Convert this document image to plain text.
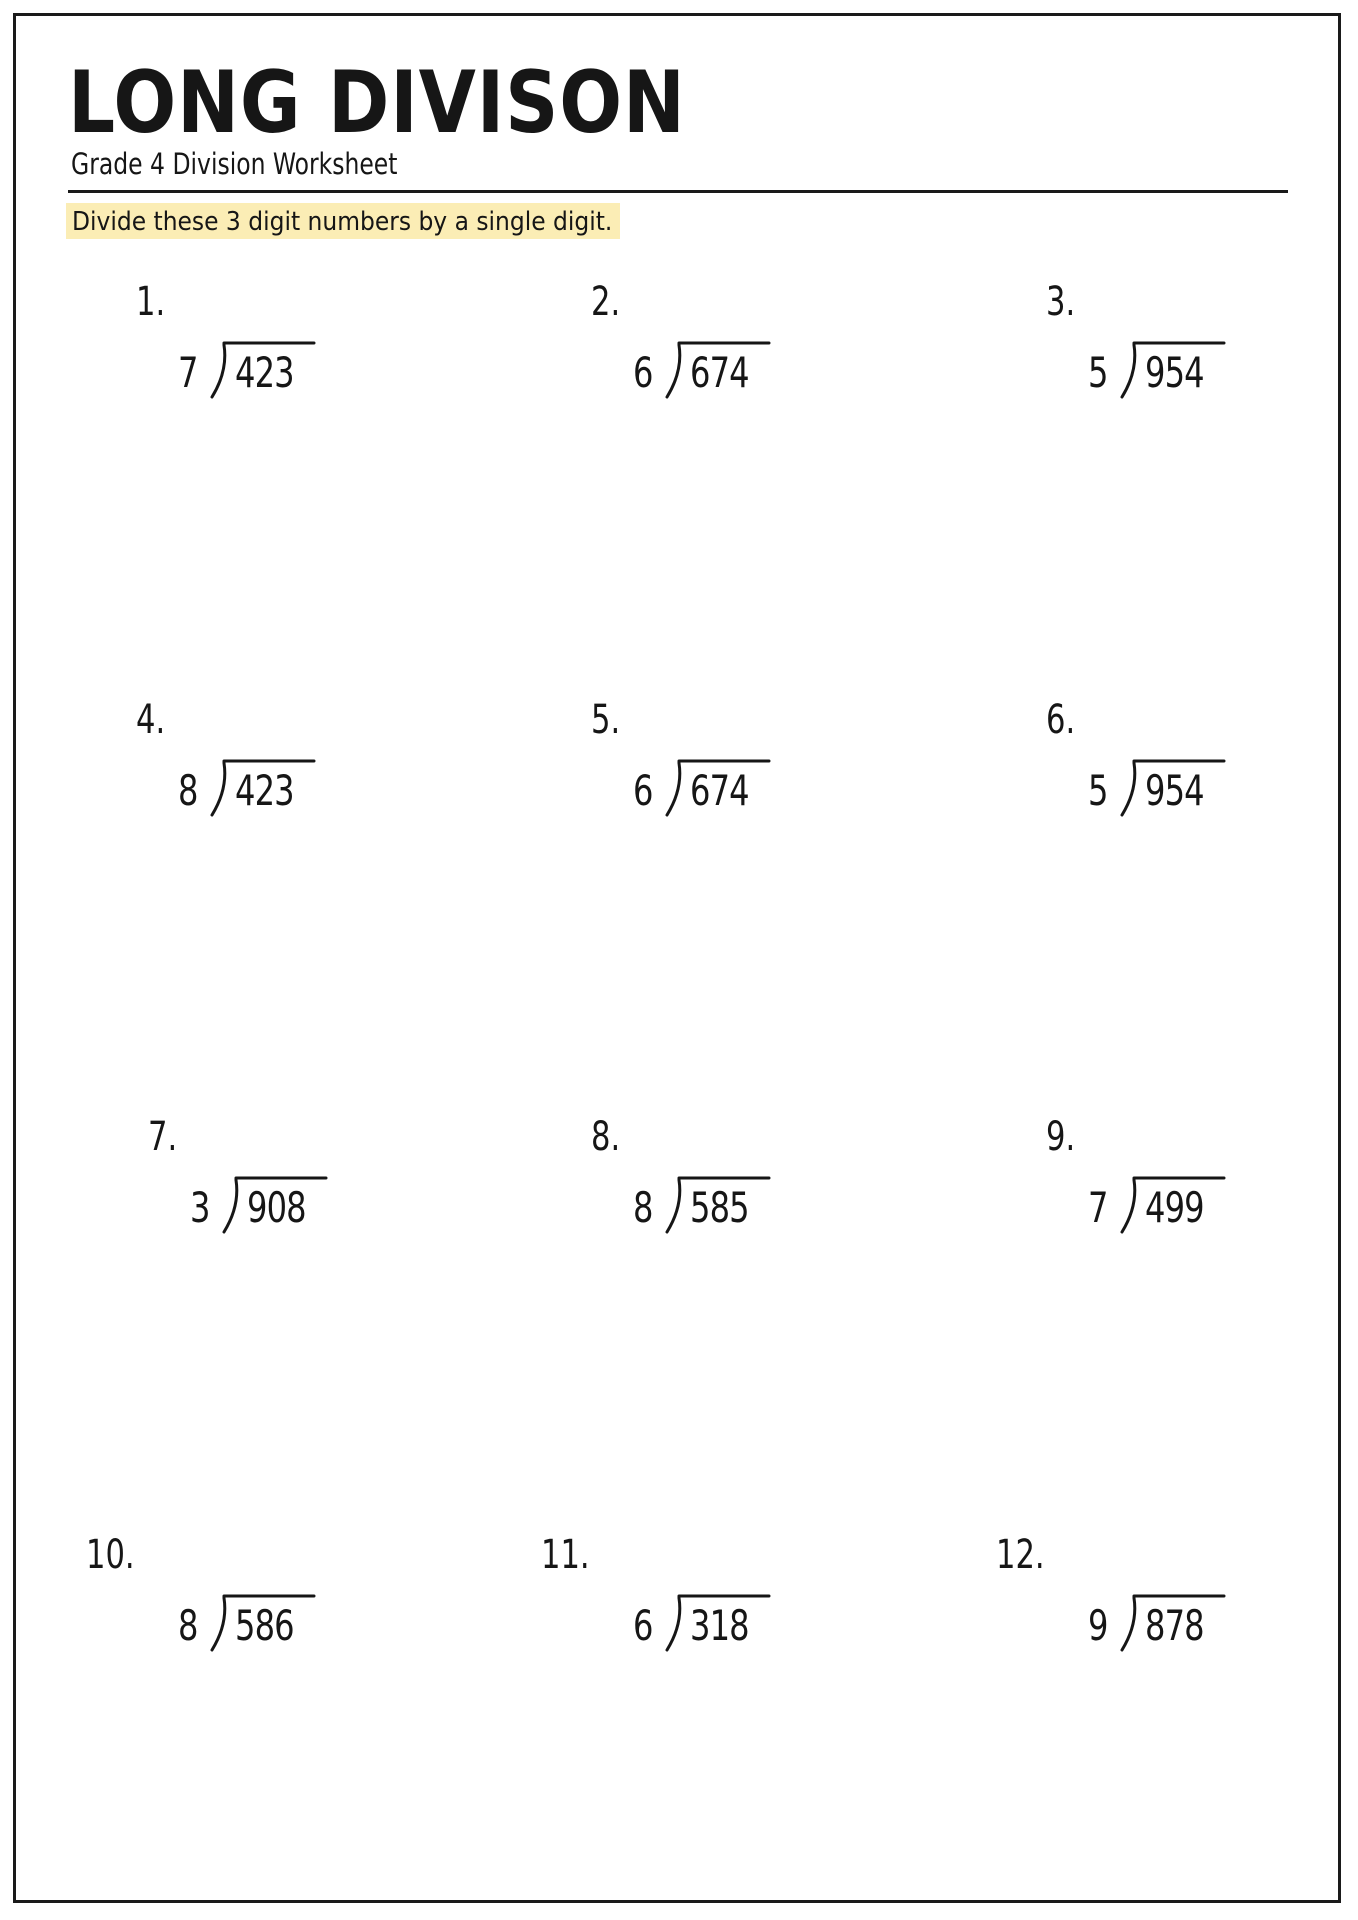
LONG DIVISON
Grade 4 Division Worksheet
Divide these 3 digit numbers by a single digit.
1.
7 423
2.
6 674
3.
5 954
4.
8 423
5.
6 674
6.
5 954
7.
3 908
8.
8 585
9.
7 499
10.
8 586
11.
6 318
12.
9 878
